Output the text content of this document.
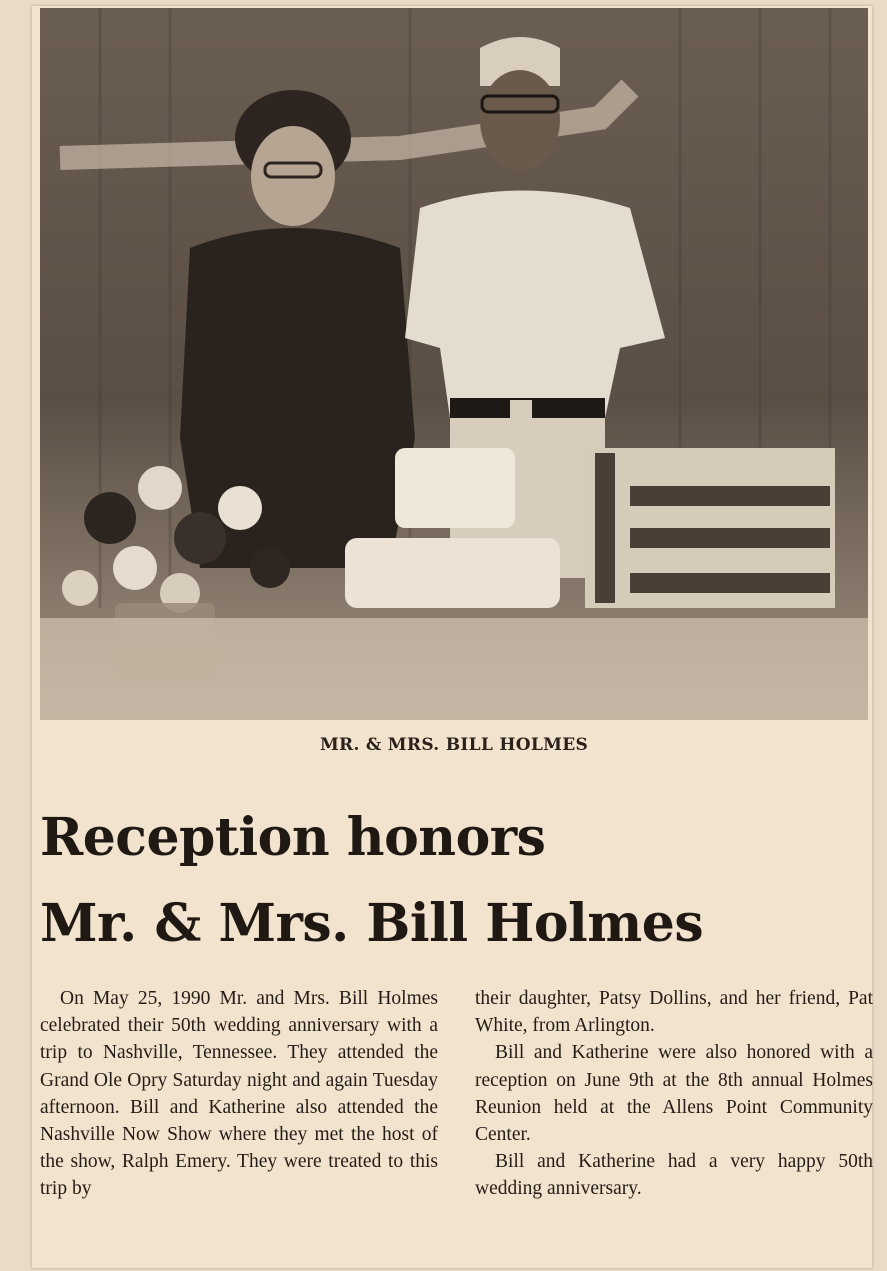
MR. & MRS. BILL HOLMES
Reception honors
Mr. & Mrs. Bill Holmes

On May 25, 1990 Mr. and Mrs. Bill Holmes celebrated their 50th wedding anniversary with a trip to Nashville, Tennessee. They attended the Grand Ole Opry Saturday night and again Tuesday afternoon. Bill and Katherine also attended the Nashville Now Show where they met the host of the show, Ralph Emery. They were treated to this trip by

their daughter, Patsy Dollins, and her friend, Pat White, from Arlington.

Bill and Katherine were also honored with a reception on June 9th at the 8th annual Holmes Reunion held at the Allens Point Community Center.

Bill and Katherine had a very happy 50th wedding anniversary.
